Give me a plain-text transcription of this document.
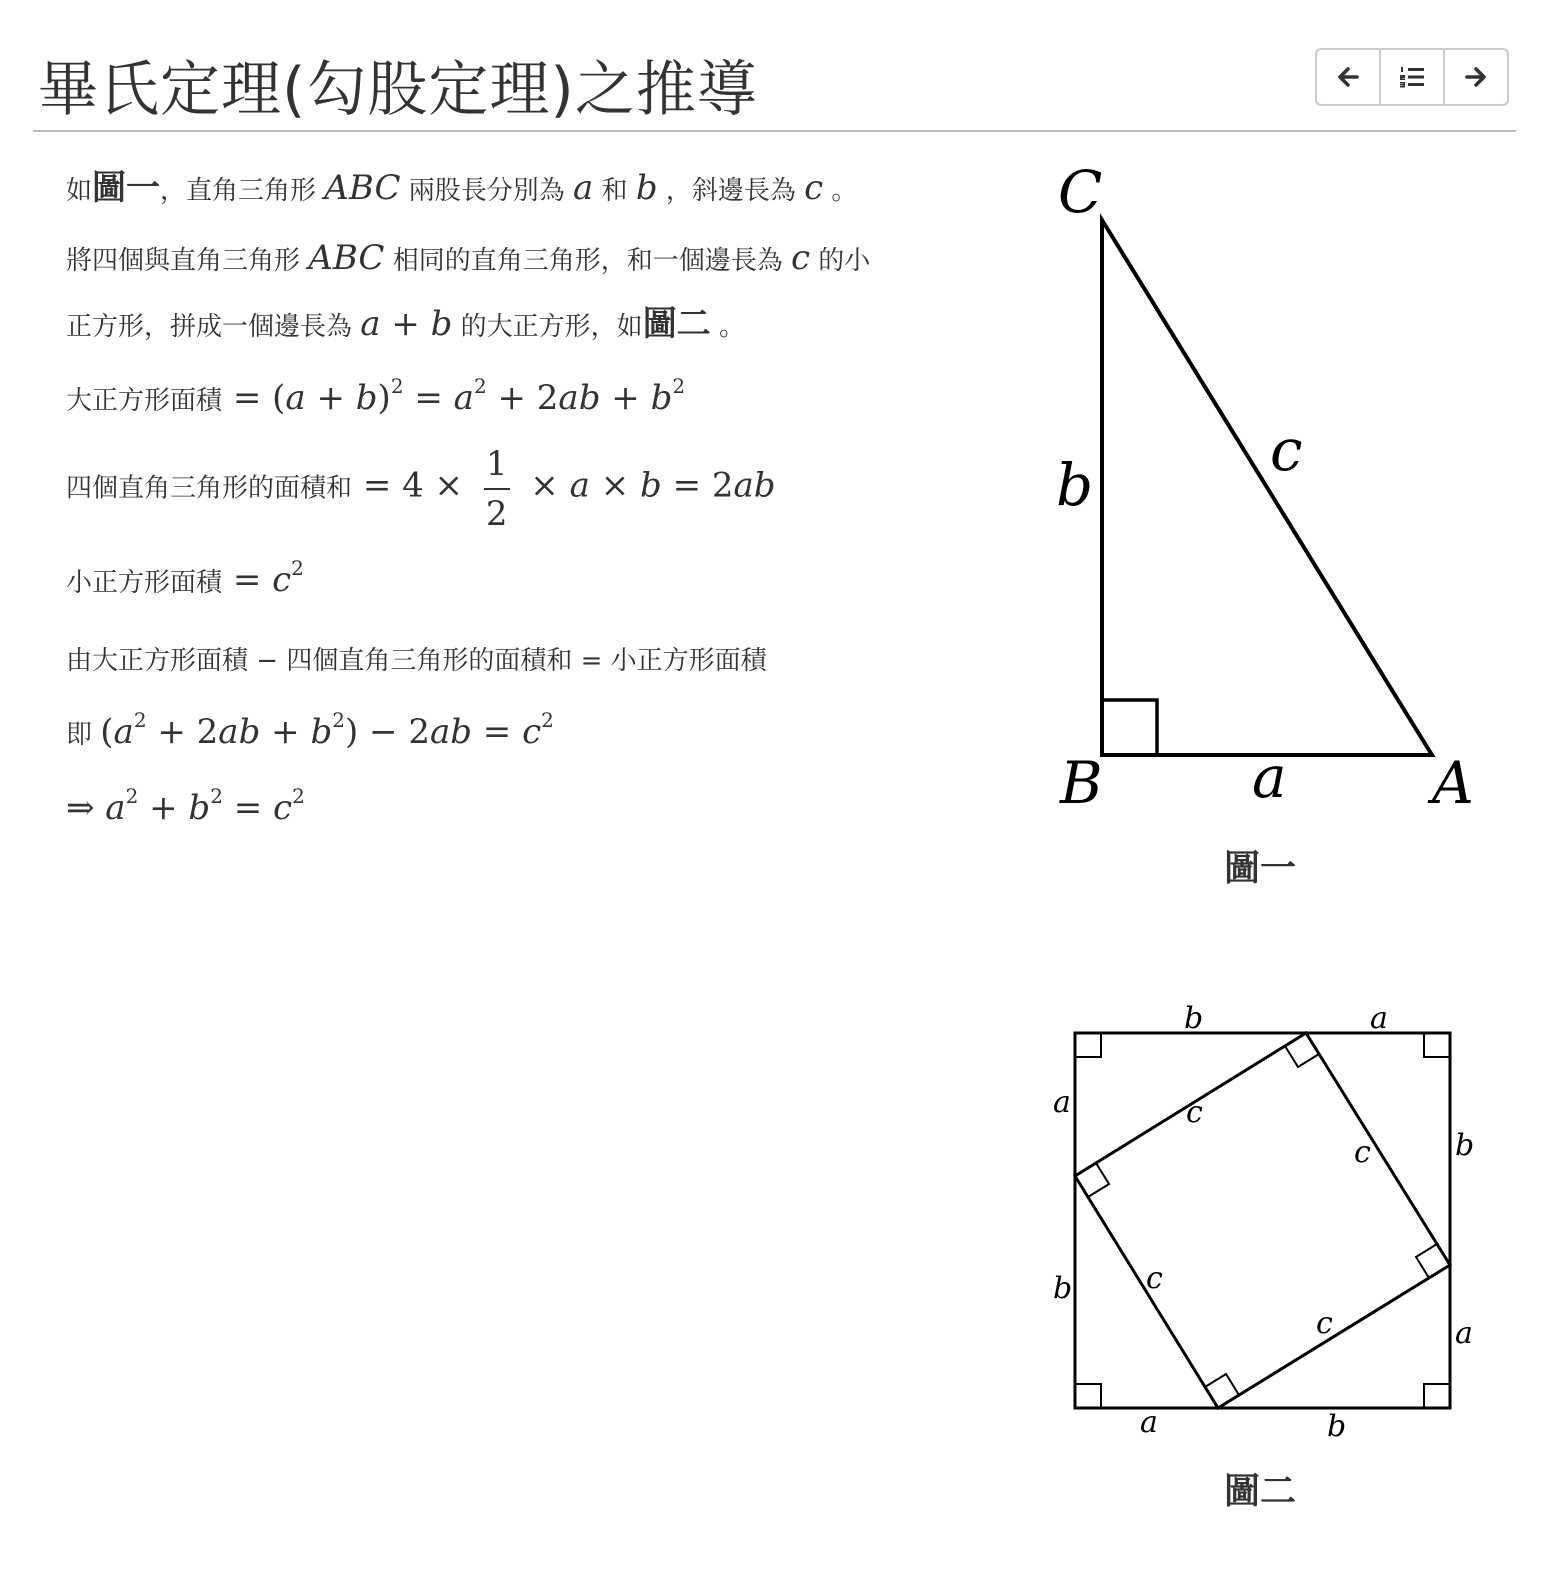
畢氏定理(勾股定理)之推導
如圖一，直角三角形 ABC 兩股長分別為 a 和 b ，斜邊長為 c 。
將四個與直角三角形 ABC 相同的直角三角形，和一個邊長為 c 的小
正方形，拼成一個邊長為 a + b 的大正方形，如圖二 。
大正方形面積 = $(a + b)^2 = a^2 + 2ab + b^2$
四個直角三角形的面積和 = $4 \times \frac{1}{2} \times a \times b = 2ab$
小正方形面積 = $c^2$
由大正方形面積 − 四個直角三角形的面積和 = 小正方形面積
即 $(a^2 + 2ab + b^2) - 2ab = c^2$
⇒ $a^2 + b^2 = c^2$
C
B	A
b
c
a
圖一
b	a
a
b
b
a
a	b
c
c
c
c
圖二
